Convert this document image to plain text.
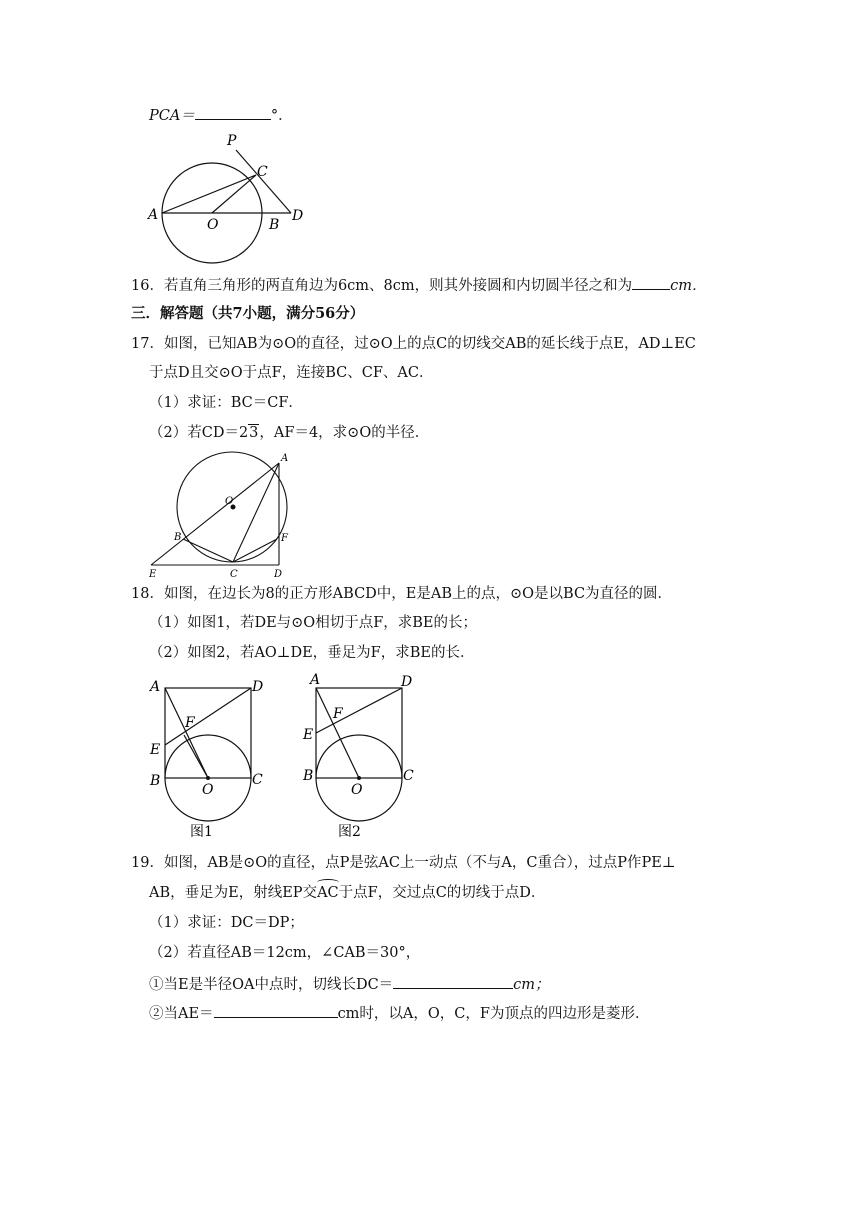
PCA＝	°．
P
C
A
O	B
D
16．若直角三角形的两直角边为6cm、8cm，则其外接圆和内切圆半径之和为	cm．
三．解答题（共7小题，满分56分）
17．如图，已知AB为⊙O的直径，过⊙O上的点C的切线交AB的延长线于点E，AD⊥EC
于点D且交⊙O于点F，连接BC、CF、AC．
（1）求证：BC＝CF．
（2）若CD＝23，AF＝4，求⊙O的半径．
A
O
B	F
E	C	D
18．如图，在边长为8的正方形ABCD中，E是AB上的点，⊙O是以BC为直径的圆．
（1）如图1，若DE与⊙O相切于点F，求BE的长；
（2）如图2，若AO⊥DE，垂足为F，求BE的长．
A	D
F
E
B	C
O
图1
A	D
F
E
B	C
O
图2
19．如图，AB是⊙O的直径，点P是弦AC上一动点（不与A，C重合），过点P作PE⊥
AB，垂足为E，射线EP交AC于点F，交过点C的切线于点D．
（1）求证：DC＝DP；
（2）若直径AB＝12cm，∠CAB＝30°，
①当E是半径OA中点时，切线长DC＝	cm；
②当AE＝	cm时，以A，O，C，F为顶点的四边形是菱形．
